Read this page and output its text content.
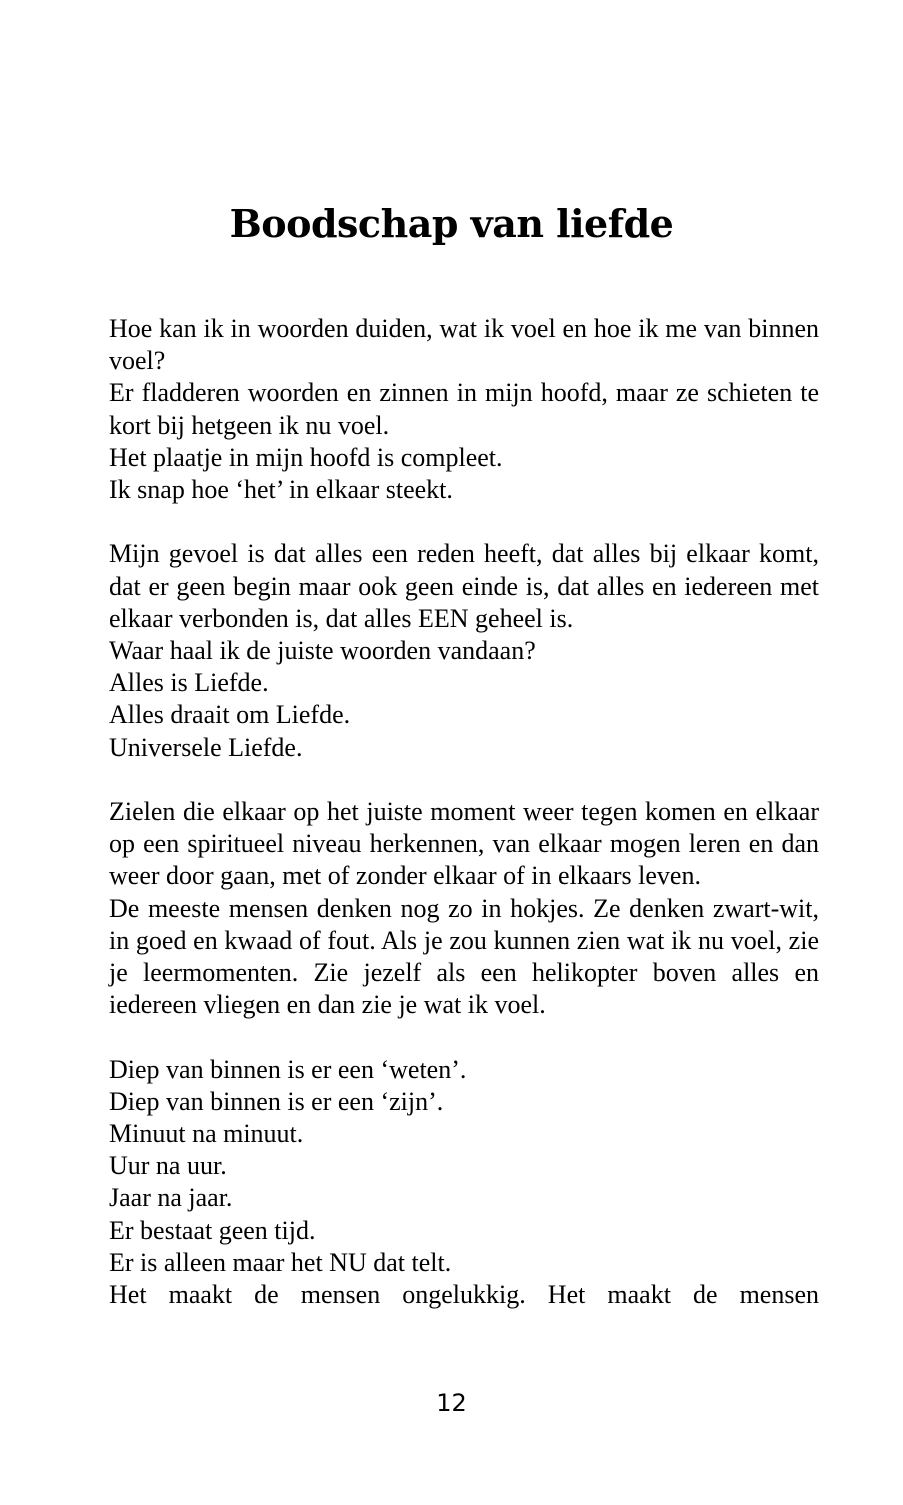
Boodschap van liefde

Hoe kan ik in woorden duiden, wat ik voel en hoe ik me van binnen voel?
Er fladderen woorden en zinnen in mijn hoofd, maar ze schieten te kort bij hetgeen ik nu voel.
Het plaatje in mijn hoofd is compleet.
Ik snap hoe ‘het’ in elkaar steekt.

Mijn gevoel is dat alles een reden heeft, dat alles bij elkaar komt, dat er geen begin maar ook geen einde is, dat alles en iedereen met elkaar verbonden is, dat alles EEN geheel is.
Waar haal ik de juiste woorden vandaan?
Alles is Liefde.
Alles draait om Liefde.
Universele Liefde.

Zielen die elkaar op het juiste moment weer tegen komen en elkaar op een spiritueel niveau herkennen, van elkaar mogen leren en dan weer door gaan, met of zonder elkaar of in elkaars leven.
De meeste mensen denken nog zo in hokjes. Ze denken zwart-wit, in goed en kwaad of fout. Als je zou kunnen zien wat ik nu voel, zie je leermomenten. Zie jezelf als een helikopter boven alles en iedereen vliegen en dan zie je wat ik voel.

Diep van binnen is er een ‘weten’.
Diep van binnen is er een ‘zijn’.
Minuut na minuut.
Uur na uur.
Jaar na jaar.
Er bestaat geen tijd.
Er is alleen maar het NU dat telt.
Het maakt de mensen ongelukkig. Het maakt de mensen

12
